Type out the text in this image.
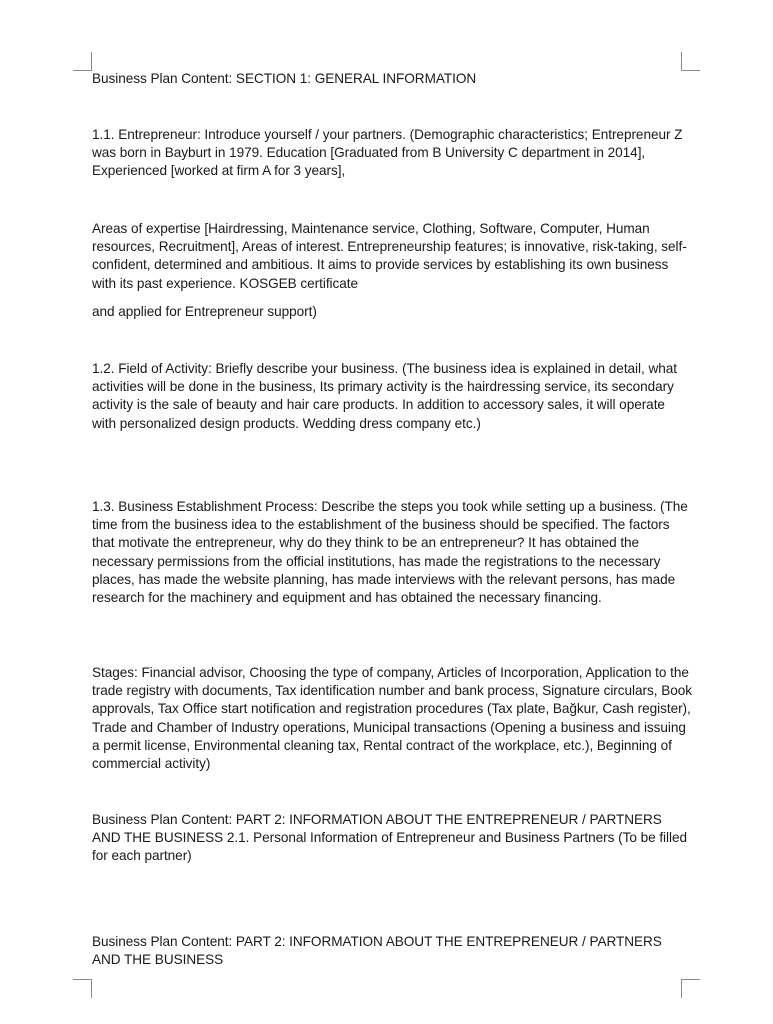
Business Plan Content: SECTION 1: GENERAL INFORMATION

1.1. Entrepreneur: Introduce yourself / your partners. (Demographic characteristics; Entrepreneur Z was born in Bayburt in 1979. Education [Graduated from B University C department in 2014], Experienced [worked at firm A for 3 years],

Areas of expertise [Hairdressing, Maintenance service, Clothing, Software, Computer, Human resources, Recruitment], Areas of interest. Entrepreneurship features; is innovative, risk-taking, self-confident, determined and ambitious. It aims to provide services by establishing its own business with its past experience. KOSGEB certificate

and applied for Entrepreneur support)

1.2. Field of Activity: Briefly describe your business. (The business idea is explained in detail, what activities will be done in the business, Its primary activity is the hairdressing service, its secondary activity is the sale of beauty and hair care products. In addition to accessory sales, it will operate with personalized design products. Wedding dress company etc.)

1.3. Business Establishment Process: Describe the steps you took while setting up a business. (The time from the business idea to the establishment of the business should be specified. The factors that motivate the entrepreneur, why do they think to be an entrepreneur? It has obtained the necessary permissions from the official institutions, has made the registrations to the necessary places, has made the website planning, has made interviews with the relevant persons, has made research for the machinery and equipment and has obtained the necessary financing.

Stages: Financial advisor, Choosing the type of company, Articles of Incorporation, Application to the trade registry with documents, Tax identification number and bank process, Signature circulars, Book approvals, Tax Office start notification and registration procedures (Tax plate, Bağkur, Cash register), Trade and Chamber of Industry operations, Municipal transactions (Opening a business and issuing a permit license, Environmental cleaning tax, Rental contract of the workplace, etc.), Beginning of commercial activity)

Business Plan Content: PART 2: INFORMATION ABOUT THE ENTREPRENEUR / PARTNERS AND THE BUSINESS 2.1. Personal Information of Entrepreneur and Business Partners (To be filled for each partner)

Business Plan Content: PART 2: INFORMATION ABOUT THE ENTREPRENEUR / PARTNERS AND THE BUSINESS
